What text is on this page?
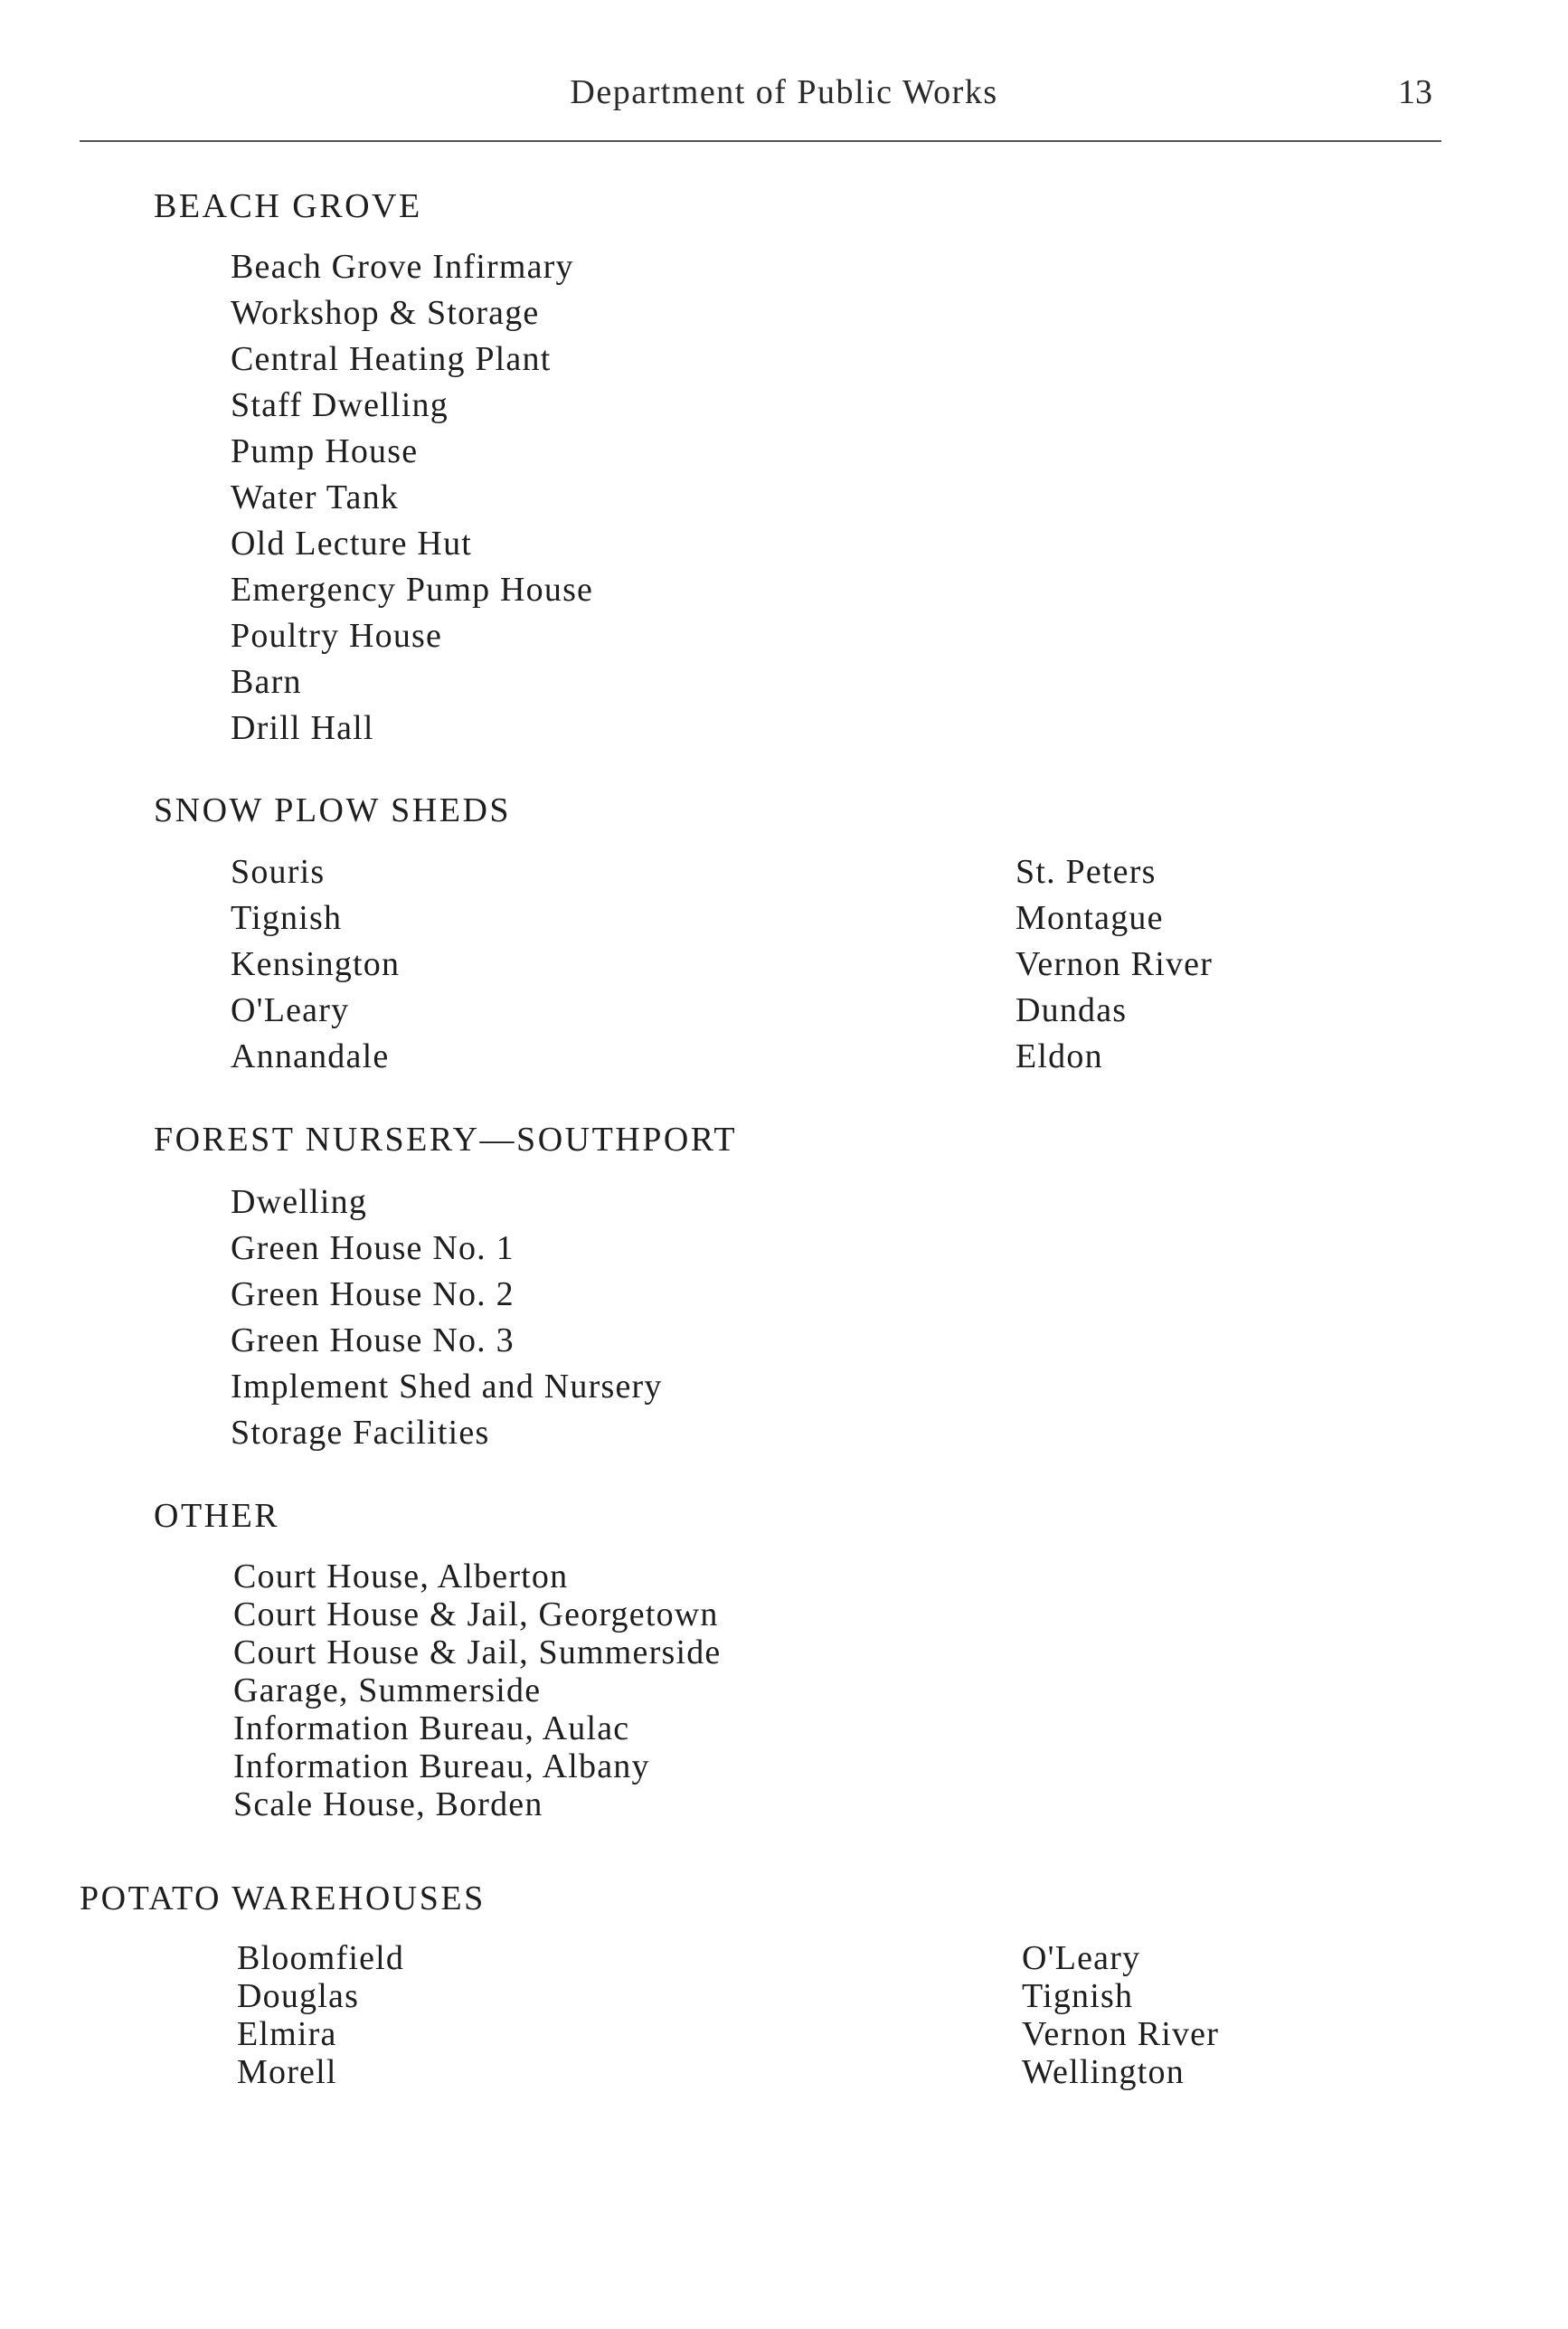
Department of Public Works	13
BEACH GROVE
Beach Grove Infirmary
Workshop & Storage
Central Heating Plant
Staff Dwelling
Pump House
Water Tank
Old Lecture Hut
Emergency Pump House
Poultry House
Barn
Drill Hall
SNOW PLOW SHEDS
Souris
Tignish
Kensington
O'Leary
Annandale
St. Peters
Montague
Vernon River
Dundas
Eldon
FOREST NURSERY—SOUTHPORT
Dwelling
Green House No. 1
Green House No. 2
Green House No. 3
Implement Shed and Nursery
Storage Facilities
OTHER
Court House, Alberton
Court House & Jail, Georgetown
Court House & Jail, Summerside
Garage, Summerside
Information Bureau, Aulac
Information Bureau, Albany
Scale House, Borden
POTATO WAREHOUSES
Bloomfield
Douglas
Elmira
Morell
O'Leary
Tignish
Vernon River
Wellington
